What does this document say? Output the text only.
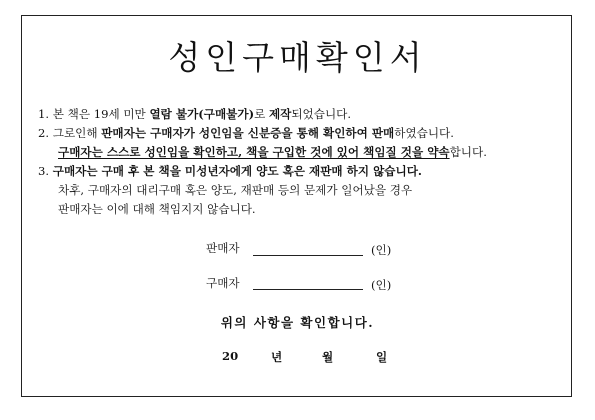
성인구매확인서
1. 본 책은 19세 미만 열람 불가(구매불가)로 제작되었습니다.
2. 그로인해 판매자는 구매자가 성인임을 신분증을 통해 확인하여 판매하였습니다.
구매자는 스스로 성인임을 확인하고, 책을 구입한 것에 있어 책임질 것을 약속합니다.
3. 구매자는 구매 후 본 책을 미성년자에게 양도 혹은 재판매 하지 않습니다.
차후, 구매자의 대리구매 혹은 양도, 재판매 등의 문제가 일어났을 경우
판매자는 이에 대해 책임지지 않습니다.
판매자	(인)
구매자	(인)
위의 사항을 확인합니다.
20	년	월	일
